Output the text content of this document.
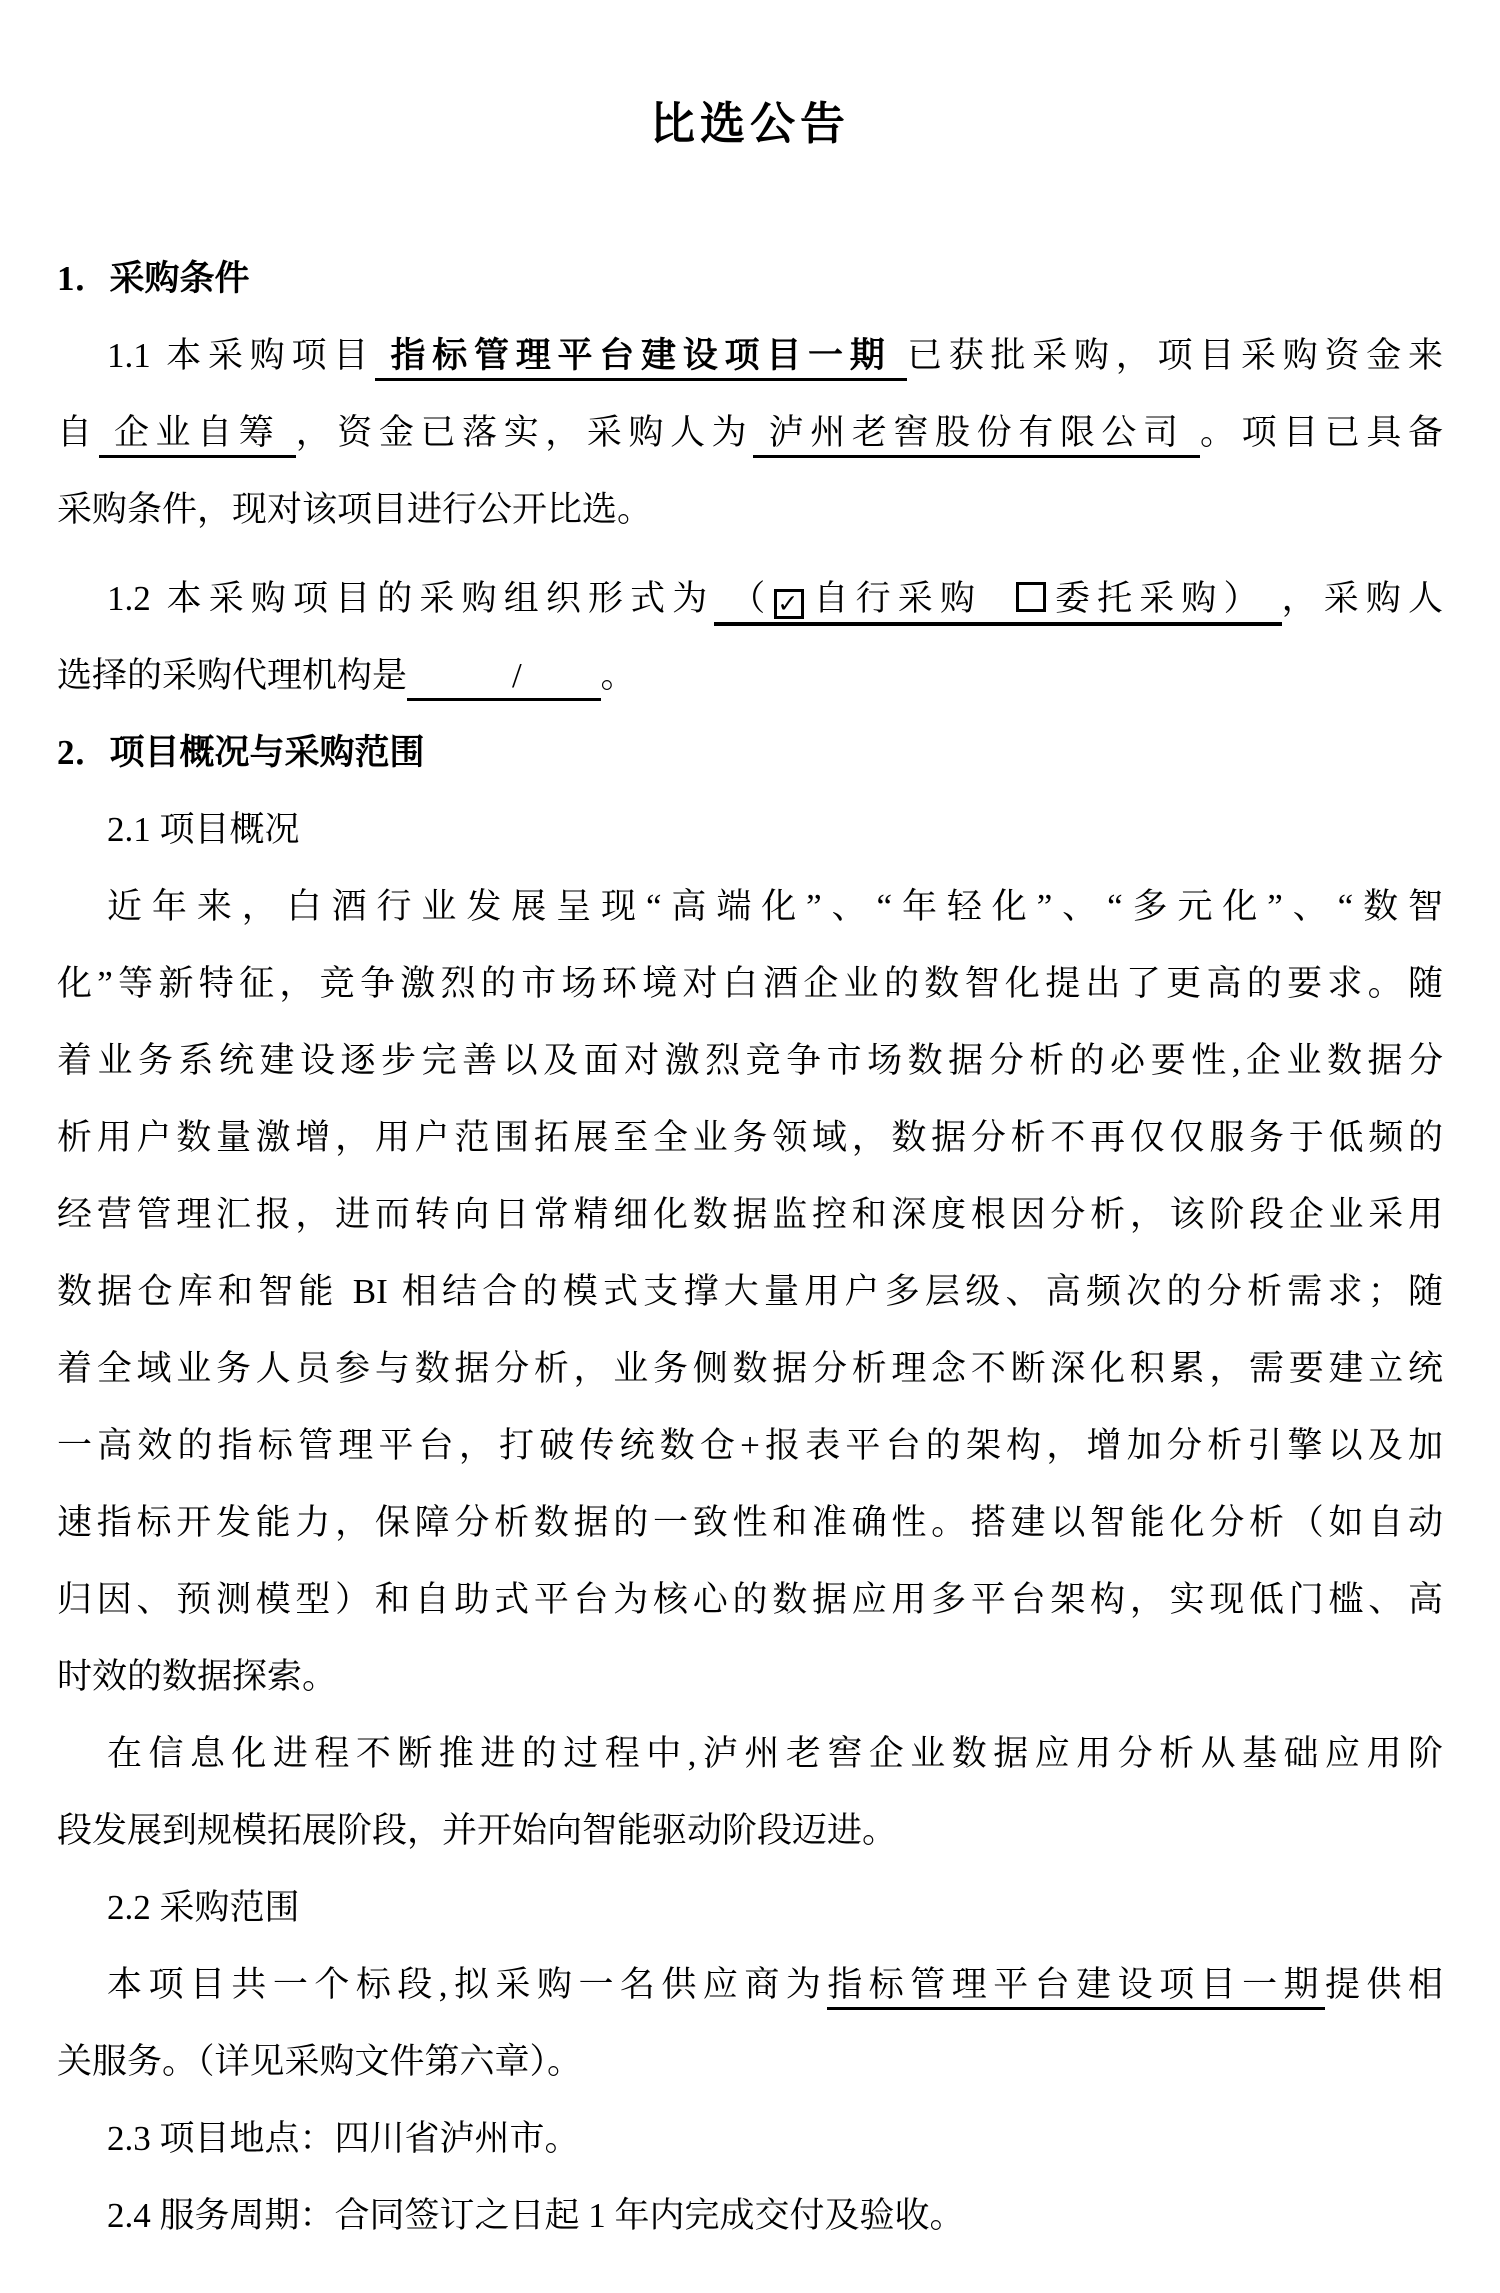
比选公告
1．采购条件
1.1 本采购项目 指标管理平台建设项目一期 已获批采购，项目采购资金来
自 企业自筹 ，资金已落实，采购人为 泸州老窖股份有限公司 。项目已具备
采购条件，现对该项目进行公开比选。
1.2 本采购项目的采购组织形式为 （ ✓ 自行采购 委托采购） ，采购人
选择的采购代理机构是            /         。
2．项目概况与采购范围
2.1 项目概况
近年来，白酒行业发展呈现“高端化”、“年轻化”、“多元化”、“数智
化”等新特征，竞争激烈的市场环境对白酒企业的数智化提出了更高的要求。随
着业务系统建设逐步完善以及面对激烈竞争市场数据分析的必要性,企业数据分
析用户数量激增，用户范围拓展至全业务领域，数据分析不再仅仅服务于低频的
经营管理汇报，进而转向日常精细化数据监控和深度根因分析，该阶段企业采用
数据仓库和智能 BI 相结合的模式支撑大量用户多层级、高频次的分析需求；随
着全域业务人员参与数据分析，业务侧数据分析理念不断深化积累，需要建立统
一高效的指标管理平台，打破传统数仓+报表平台的架构，增加分析引擎以及加
速指标开发能力，保障分析数据的一致性和准确性。搭建以智能化分析（如自动
归因、预测模型）和自助式平台为核心的数据应用多平台架构，实现低门槛、高
时效的数据探索。
在信息化进程不断推进的过程中,泸州老窖企业数据应用分析从基础应用阶
段发展到规模拓展阶段，并开始向智能驱动阶段迈进。
2.2 采购范围
本项目共一个标段,拟采购一名供应商为指标管理平台建设项目一期提供相
关服务。（详见采购文件第六章）。
2.3 项目地点：四川省泸州市。
2.4 服务周期：合同签订之日起 1 年内完成交付及验收。
